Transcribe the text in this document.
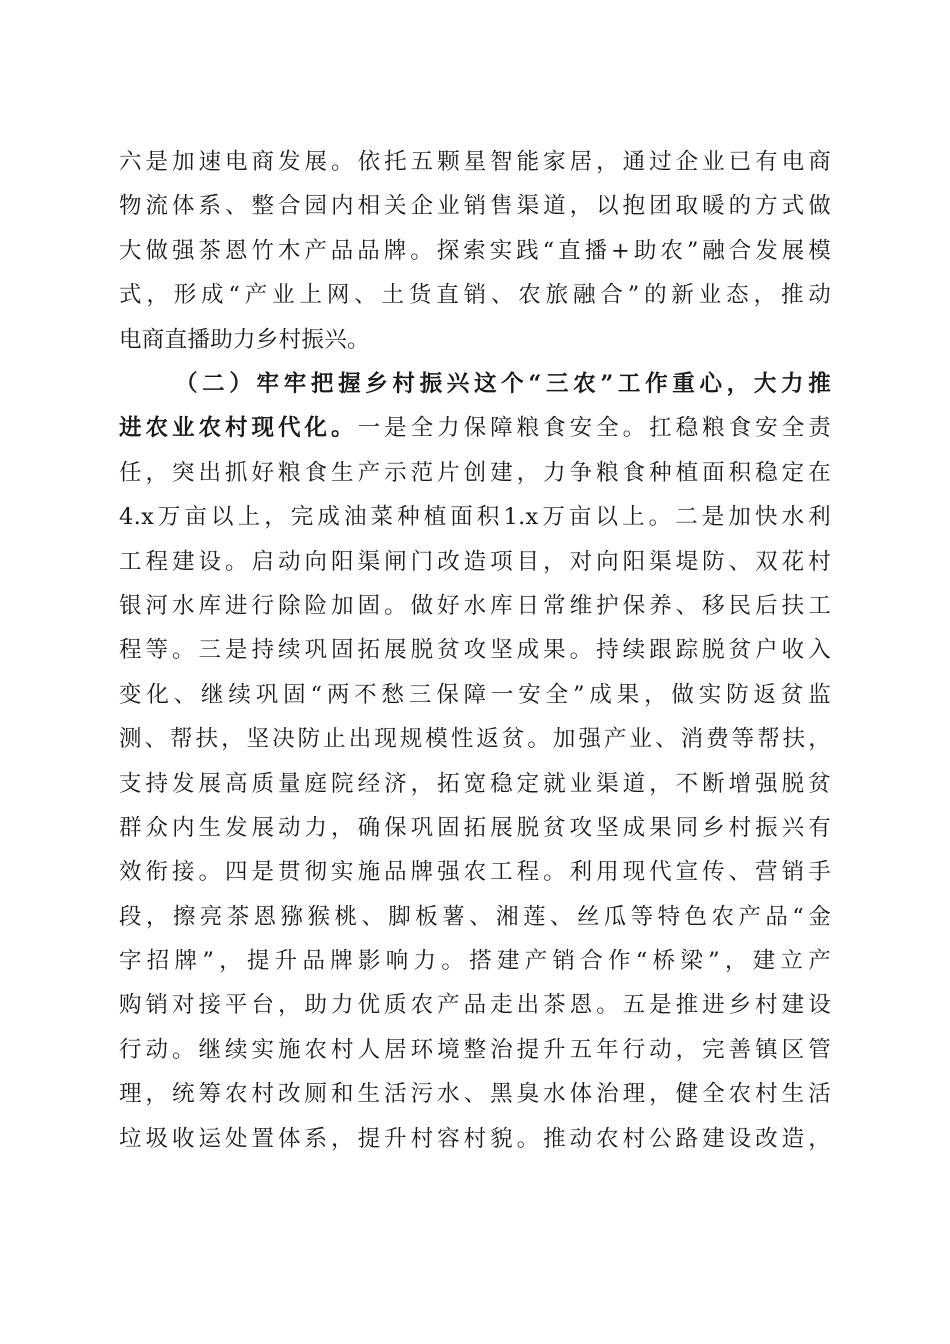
六是加速电商发展。依托五颗星智能家居，通过企业已有电商
物流体系、整合园内相关企业销售渠道，以抱团取暖的方式做
大做强茶恩竹木产品品牌。探索实践“直播+助农”融合发展模
式，形成“产业上网、土货直销、农旅融合”的新业态，推动
电商直播助力乡村振兴。
（二）牢牢把握乡村振兴这个“三农”工作重心，大力推
进农业农村现代化。一是全力保障粮食安全。扛稳粮食安全责
任，突出抓好粮食生产示范片创建，力争粮食种植面积稳定在
4.x万亩以上，完成油菜种植面积1.x万亩以上。二是加快水利
工程建设。启动向阳渠闸门改造项目，对向阳渠堤防、双花村
银河水库进行除险加固。做好水库日常维护保养、移民后扶工
程等。三是持续巩固拓展脱贫攻坚成果。持续跟踪脱贫户收入
变化、继续巩固“两不愁三保障一安全”成果，做实防返贫监
测、帮扶，坚决防止出现规模性返贫。加强产业、消费等帮扶，
支持发展高质量庭院经济，拓宽稳定就业渠道，不断增强脱贫
群众内生发展动力，确保巩固拓展脱贫攻坚成果同乡村振兴有
效衔接。四是贯彻实施品牌强农工程。利用现代宣传、营销手
段，擦亮茶恩猕猴桃、脚板薯、湘莲、丝瓜等特色农产品“金
字招牌”，提升品牌影响力。搭建产销合作“桥梁”，建立产
购销对接平台，助力优质农产品走出茶恩。五是推进乡村建设
行动。继续实施农村人居环境整治提升五年行动，完善镇区管
理，统筹农村改厕和生活污水、黑臭水体治理，健全农村生活
垃圾收运处置体系，提升村容村貌。推动农村公路建设改造，
